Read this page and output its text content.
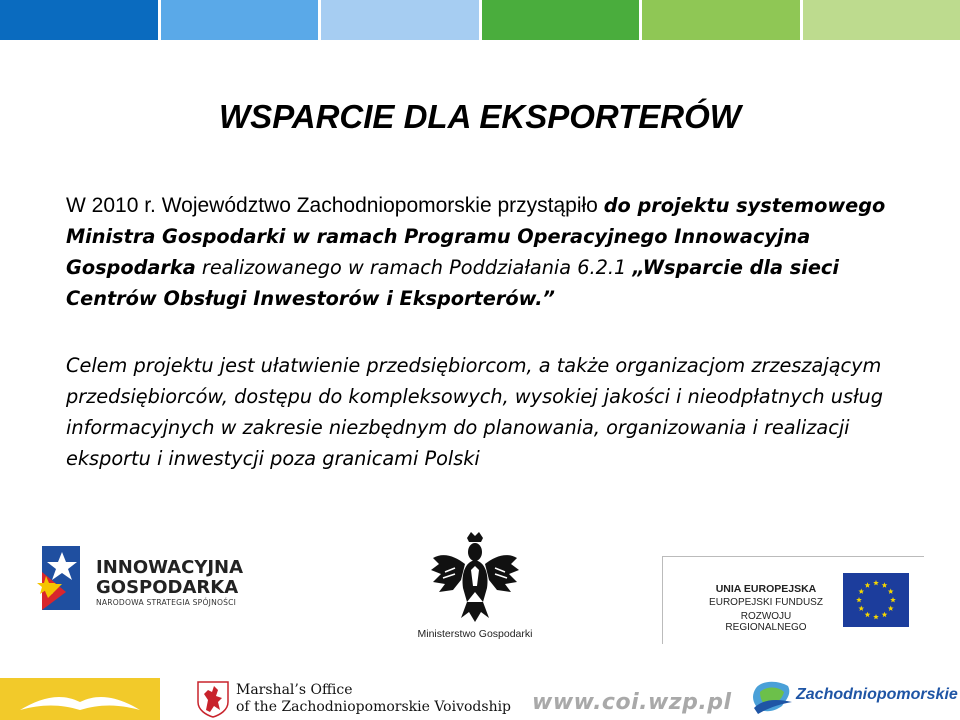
WSPARCIE DLA EKSPORTERÓW
W 2010 r. Województwo Zachodniopomorskie przystąpiło do projektu systemowego Ministra Gospodarki w ramach Programu Operacyjnego Innowacyjna Gospodarka realizowanego w ramach Poddziałania 6.2.1 „Wsparcie dla sieci Centrów Obsługi Inwestorów i Eksporterów.”
Celem projektu jest ułatwienie przedsiębiorcom, a także organizacjom zrzeszającym przedsiębiorców, dostępu do kompleksowych, wysokiej jakości i nieodpłatnych usług informacyjnych w zakresie niezbędnym do planowania, organizowania i realizacji eksportu i inwestycji poza granicami Polski
INNOWACYJNA
GOSPODARKA
NARODOWA STRATEGIA SPÓJNOŚCI
Ministerstwo Gospodarki
UNIA EUROPEJSKA
EUROPEJSKI FUNDUSZ
ROZWOJU REGIONALNEGO
Marshal’s Office
of the Zachodniopomorskie Voivodship www.coi.wzp.pl	Zachodniopomorskie
